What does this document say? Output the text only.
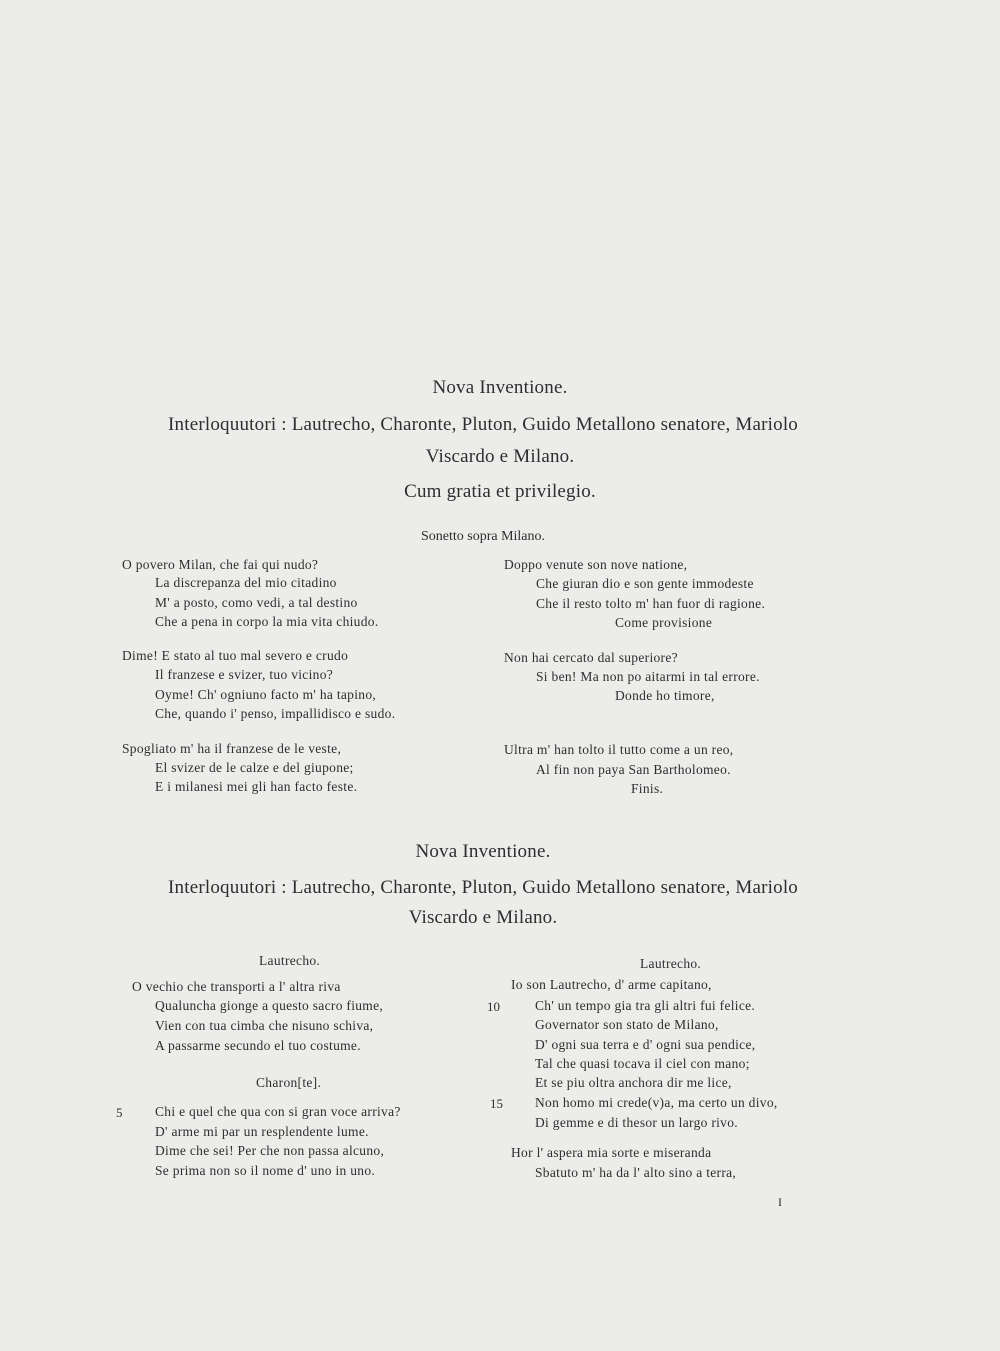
Nova Inventione.
Interloquutori : Lautrecho, Charonte, Pluton, Guido Metallono senatore, Mariolo
Viscardo e Milano.
Cum gratia et privilegio.
Sonetto sopra Milano.
O povero Milan, che fai qui nudo?
La discrepanza del mio citadino
M' a posto, como vedi, a tal destino
Che a pena in corpo la mia vita chiudo.
Dime! E stato al tuo mal severo e crudo
Il franzese e svizer, tuo vicino?
Oyme! Ch' ogniuno facto m' ha tapino,
Che, quando i' penso, impallidisco e sudo.
Spogliato m' ha il franzese de le veste,
El svizer de le calze e del giupone;
E i milanesi mei gli han facto feste.
Doppo venute son nove natione,
Che giuran dio e son gente immodeste
Che il resto tolto m' han fuor di ragione.
Come provisione
Non hai cercato dal superiore?
Si ben! Ma non po aitarmi in tal errore.
Donde ho timore,
Ultra m' han tolto il tutto come a un reo,
Al fin non paya San Bartholomeo.
Finis.
Nova Inventione.
Interloquutori : Lautrecho, Charonte, Pluton, Guido Metallono senatore, Mariolo
Viscardo e Milano.
Lautrecho.
O vechio che transporti a l' altra riva
Qualuncha gionge a questo sacro fiume,
Vien con tua cimba che nisuno schiva,
A passarme secundo el tuo costume.
Charon[te].
5 Chi e quel che qua con si gran voce arriva?
D' arme mi par un resplendente lume.
Dime che sei! Per che non passa alcuno,
Se prima non so il nome d' uno in uno.
Lautrecho.
10
15
Io son Lautrecho, d' arme capitano,
Ch' un tempo gia tra gli altri fui felice.
Governator son stato de Milano,
D' ogni sua terra e d' ogni sua pendice,
Tal che quasi tocava il ciel con mano;
Et se piu oltra anchora dir me lice,
Non homo mi crede(v)a, ma certo un divo,
Di gemme e di thesor un largo rivo.
Hor l' aspera mia sorte e miseranda
Sbatuto m' ha da l' alto sino a terra,
I
